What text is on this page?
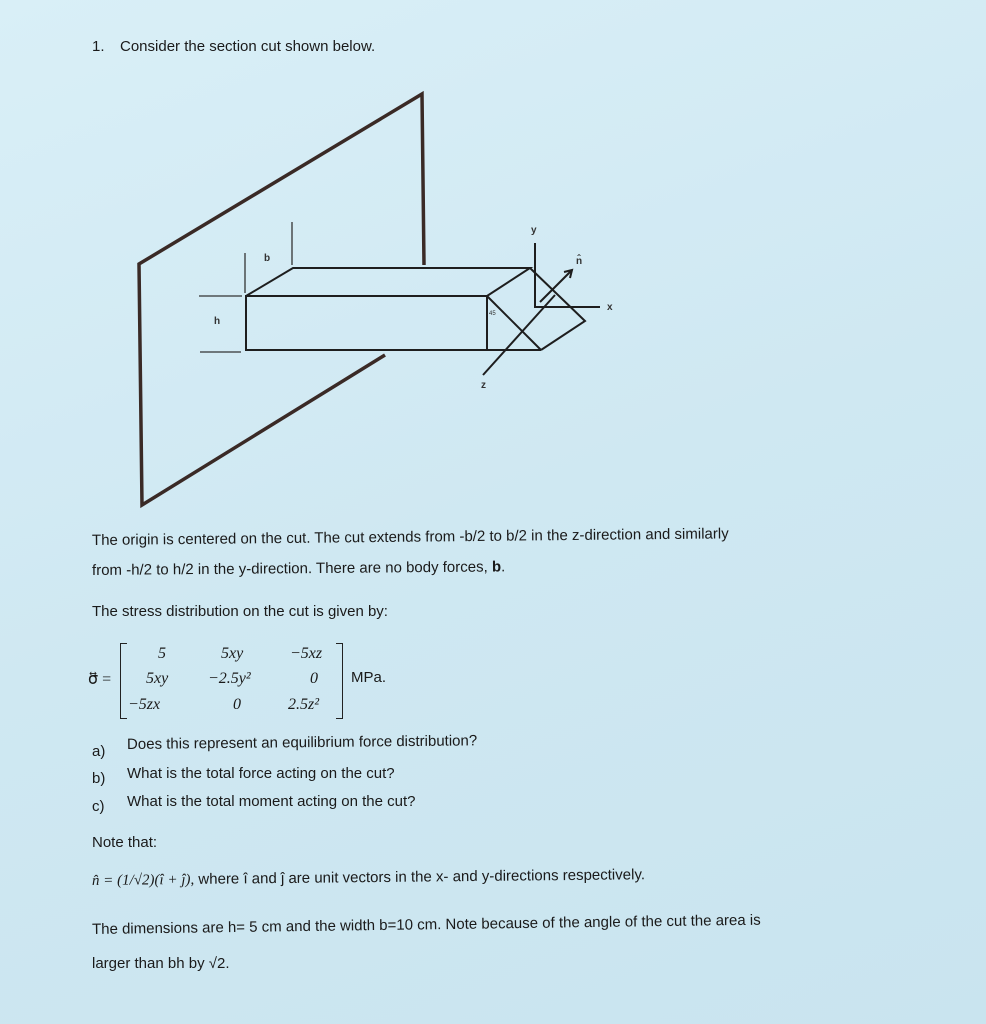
1. Consider the section cut shown below.
b
h
y
x
z
n̂
45
The origin is centered on the cut. The cut extends from -b/2 to b/2 in the z-direction and similarly
from -h/2 to h/2 in the y-direction. There are no body forces, b.
The stress distribution on the cut is given by:
σ⃡ =
5	5xy	−5xz
5xy −2.5y²	0
−5zx	0	2.5z²
MPa.
a) Does this represent an equilibrium force distribution?
b) What is the total force acting on the cut?
c) What is the total moment acting on the cut?
Note that:
n̂ = (1/√2)(î + ĵ), where î and ĵ are unit vectors in the x- and y-directions respectively.
The dimensions are h= 5 cm and the width b=10 cm. Note because of the angle of the cut the area is
larger than bh by √2.
